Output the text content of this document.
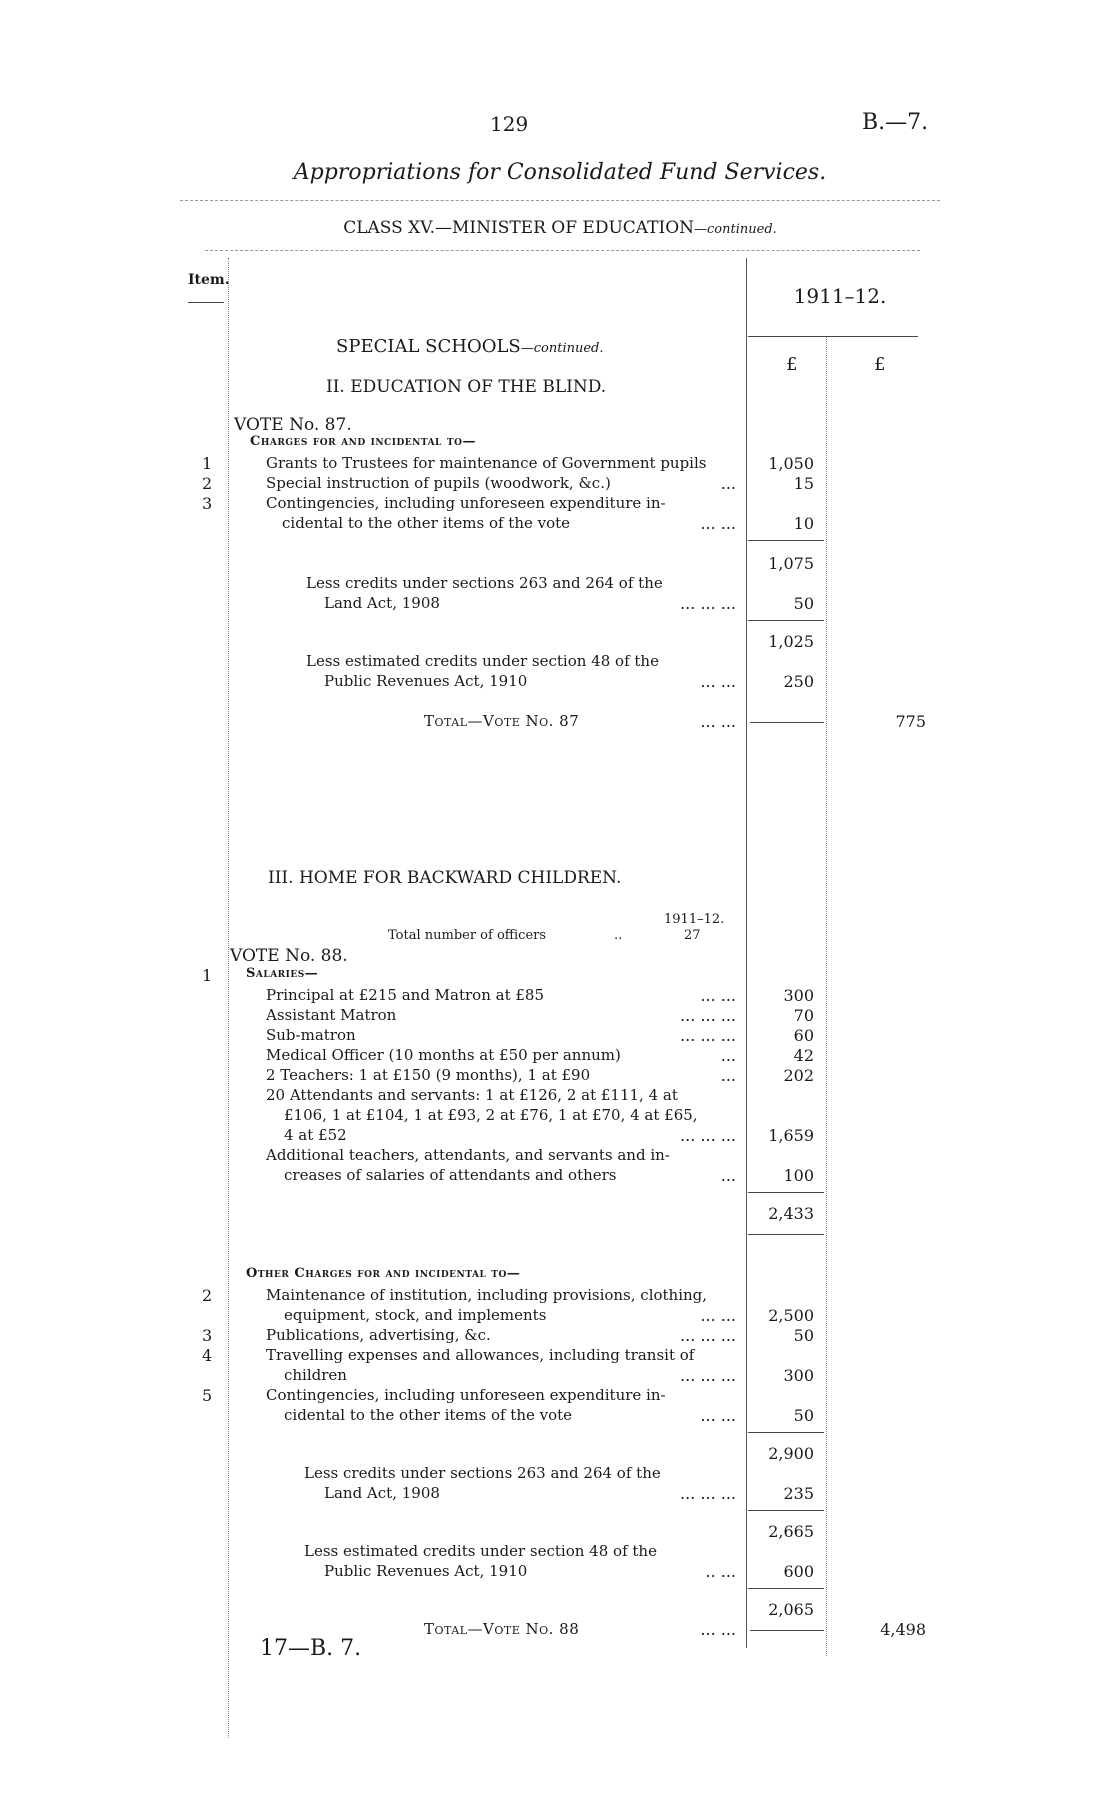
129	B.—7.
Appropriations for Consolidated Fund Services.
CLASS XV.—MINISTER OF EDUCATION—continued.
Item.
1911–12.
£	£
SPECIAL SCHOOLS—continued.
II. EDUCATION OF THE BLIND.
VOTE No. 87.
Charges for and incidental to—
1	Grants to Trustees for maintenance of Government pupils	1,050
2	Special instruction of pupils (woodwork, &c.)	...	15
3	Contingencies, including unforeseen expenditure in-
cidental to the other items of the vote	... ...	10
1,075
Less credits under sections 263 and 264 of the
Land Act, 1908	... ... ...	50
1,025
Less estimated credits under section 48 of the
Public Revenues Act, 1910	... ...	250
Total—Vote No. 87	... ...	775
III. HOME FOR BACKWARD CHILDREN.
1911–12.
Total number of officers	..	27
VOTE No. 88.
1	Salaries—
Principal at £215 and Matron at £85	... ...	300
Assistant Matron	... ... ...	70
Sub-matron	... ... ...	60
Medical Officer (10 months at £50 per annum)	...	42
2 Teachers: 1 at £150 (9 months), 1 at £90	...	202
20 Attendants and servants: 1 at £126, 2 at £111, 4 at
£106, 1 at £104, 1 at £93, 2 at £76, 1 at £70, 4 at £65,
4 at £52	... ... ...	1,659
Additional teachers, attendants, and servants and in-
creases of salaries of attendants and others	...	100
2,433
Other Charges for and incidental to—
2	Maintenance of institution, including provisions, clothing,
equipment, stock, and implements	... ...	2,500
3	Publications, advertising, &c.	... ... ...	50
4	Travelling expenses and allowances, including transit of
children	... ... ...	300
5	Contingencies, including unforeseen expenditure in-
cidental to the other items of the vote	... ...	50
2,900
Less credits under sections 263 and 264 of the
Land Act, 1908	... ... ...	235
2,665
Less estimated credits under section 48 of the
Public Revenues Act, 1910	.. ...	600
2,065
Total—Vote No. 88	... ...	4,498
17—B. 7.
